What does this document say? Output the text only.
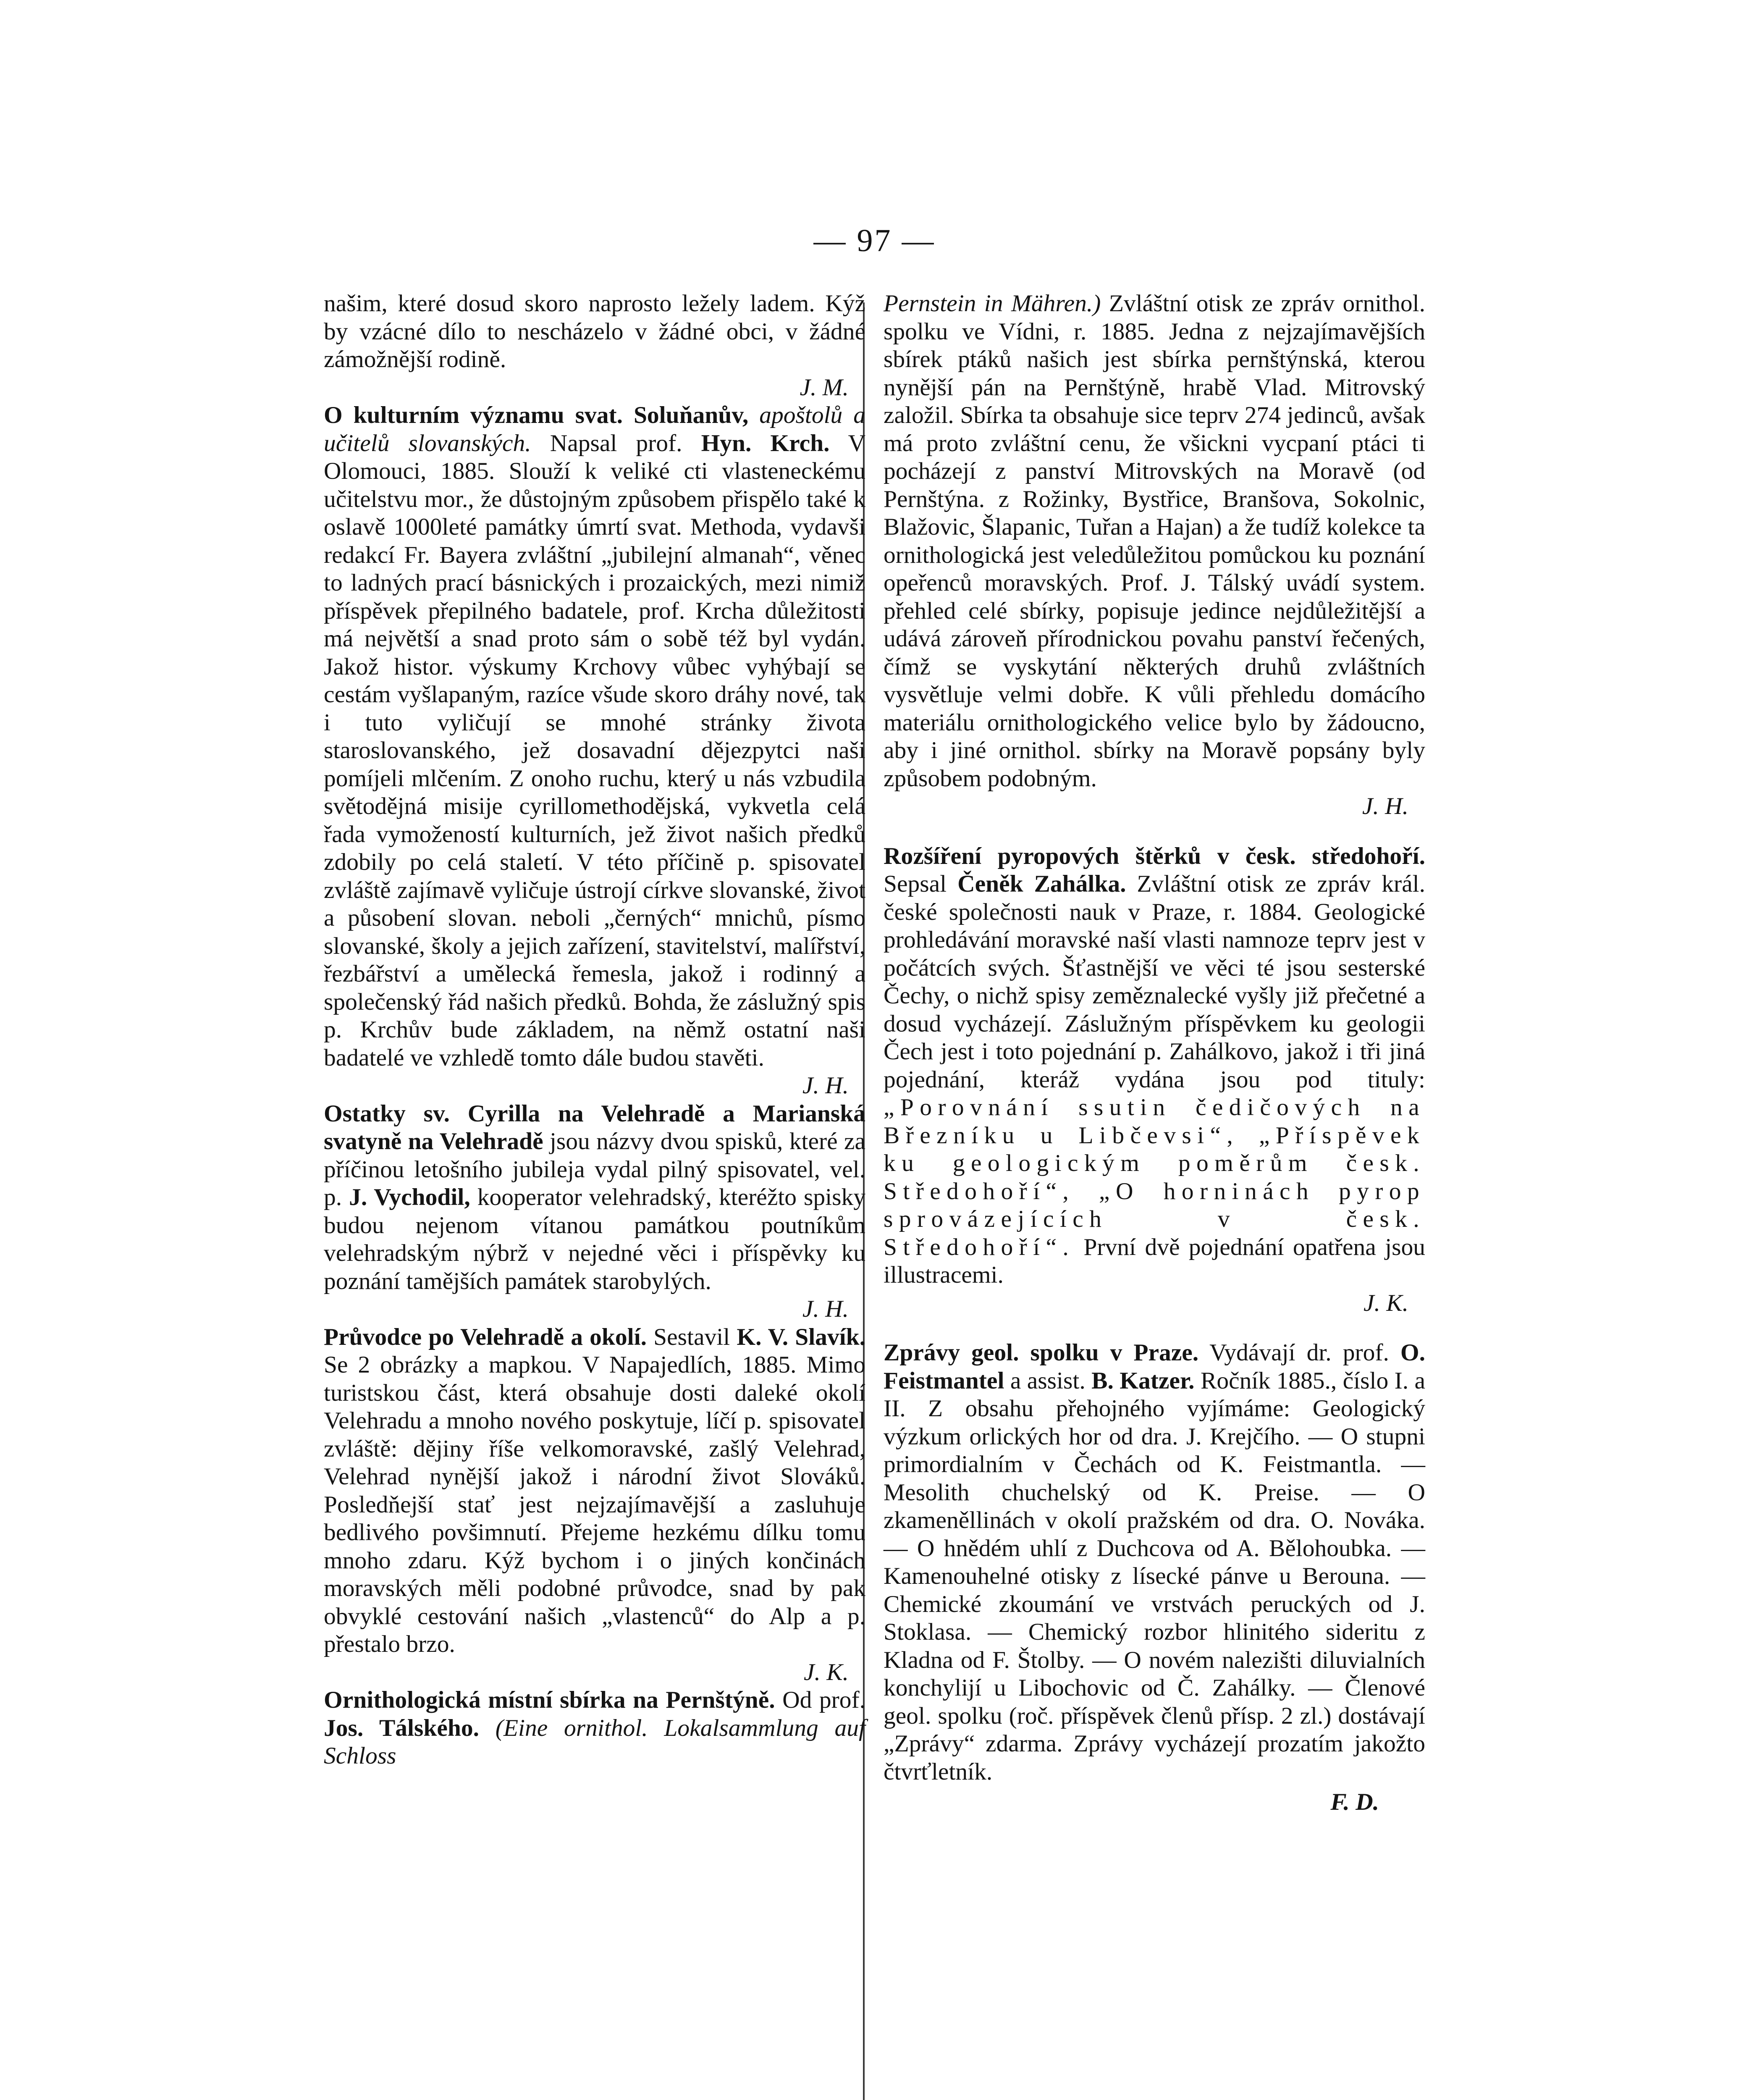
— 97 —

našim, které dosud skoro naprosto ležely ladem. Kýž by vzácné dílo to nescházelo v žádné obci, v žádné zámožnější rodině.
J. M.

O kulturním významu svat. Soluňanův, apoštolů a učitelů slovanských. Napsal prof. Hyn. Krch. V Olomouci, 1885. Slouží k veliké cti vlasteneckému učitelstvu mor., že důstojným způsobem přispělo také k oslavě 1000leté památky úmrtí svat. Methoda, vydavši redakcí Fr. Bayera zvláštní „jubilejní almanah“, věnec to ladných prací básnických i prozaických, mezi nimiž příspěvek přepilného badatele, prof. Krcha důležitosti má největší a snad proto sám o sobě též byl vydán. Jakož histor. výskumy Krchovy vůbec vyhýbají se cestám vyšlapaným, razíce všude skoro dráhy nové, tak i tuto vyličují se mnohé stránky života staroslovanského, jež dosavadní dějezpytci naši pomíjeli mlčením. Z onoho ruchu, který u nás vzbudila světodějná misije cyrillomethodějská, vykvetla celá řada vymožeností kulturních, jež život našich předků zdobily po celá staletí. V této příčině p. spisovatel zvláště zajímavě vyličuje ústrojí církve slovanské, život a působení slovan. neboli „černých“ mnichů, písmo slovanské, školy a jejich zařízení, stavitelství, malířství, řezbářství a umělecká řemesla, jakož i rodinný a společenský řád našich předků. Bohda, že záslužný spis p. Krchův bude základem, na němž ostatní naši badatelé ve vzhledě tomto dále budou stavěti.
J. H.

Ostatky sv. Cyrilla na Velehradě a Marianská svatyně na Velehradě jsou názvy dvou spisků, které za příčinou letošního jubileja vydal pilný spisovatel, vel. p. J. Vychodil, kooperator velehradský, kteréžto spisky budou nejenom vítanou památkou poutníkům velehradským nýbrž v nejedné věci i příspěvky ku poznání tamějších památek starobylých.
J. H.

Průvodce po Velehradě a okolí. Sestavil K. V. Slavík. Se 2 obrázky a mapkou. V Napajedlích, 1885. Mimo turistskou část, která obsahuje dosti daleké okolí Velehradu a mnoho nového poskytuje, líčí p. spisovatel zvláště: dějiny říše velkomoravské, zašlý Velehrad, Velehrad nynější jakož i národní život Slováků. Posledňejší stať jest nejzajímavější a zasluhuje bedlivého povšimnutí. Přejeme hezkému dílku tomu mnoho zdaru. Kýž bychom i o jiných končinách moravských měli podobné průvodce, snad by pak obvyklé cestování našich „vlastenců“ do Alp a p. přestalo brzo.
J. K.

Ornithologická místní sbírka na Pernštýně. Od prof. Jos. Tálského. (Eine ornithol. Lokalsammlung auf Schloss

Pernstein in Mähren.) Zvláštní otisk ze zpráv ornithol. spolku ve Vídni, r. 1885. Jedna z nejzajímavějších sbírek ptáků našich jest sbírka pernštýnská, kterou nynější pán na Pernštýně, hrabě Vlad. Mitrovský založil. Sbírka ta obsahuje sice teprv 274 jedinců, avšak má proto zvláštní cenu, že všickni vycpaní ptáci ti pocházejí z panství Mitrovských na Moravě (od Pernštýna. z Rožinky, Bystřice, Branšova, Sokolnic, Blažovic, Šlapanic, Tuřan a Hajan) a že tudíž kolekce ta ornithologická jest veledůležitou pomůckou ku poznání opeřenců moravských. Prof. J. Tálský uvádí system. přehled celé sbírky, popisuje jedince nejdůležitější a udává zároveň přírodnickou povahu panství řečených, čímž se vyskytání některých druhů zvláštních vysvětluje velmi dobře. K vůli přehledu domácího materiálu ornithologického velice bylo by žádoucno, aby i jiné ornithol. sbírky na Moravě popsány byly způsobem podobným.
J. H.

Rozšíření pyropových štěrků v česk. středohoří. Sepsal Čeněk Zahálka. Zvláštní otisk ze zpráv král. české společnosti nauk v Praze, r. 1884. Geologické prohledávání moravské naší vlasti namnoze teprv jest v počátcích svých. Šťastnější ve věci té jsou sesterské Čechy, o nichž spisy zeměznalecké vyšly již přečetné a dosud vycházejí. Záslužným příspěvkem ku geologii Čech jest i toto pojednání p. Zahálkovo, jakož i tři jiná pojednání, kteráž vydána jsou pod tituly: „Porovnání ssutin čedičových na Březníku u Libčevsi“, „Příspěvek ku geologickým poměrům česk. Středohoří“, „O horninách pyrop sprovázejících v česk. Středohoří“. První dvě pojednání opatřena jsou illustracemi.
J. K.

Zprávy geol. spolku v Praze. Vydávají dr. prof. O. Feistmantel a assist. B. Katzer. Ročník 1885., číslo I. a II. Z obsahu přehojného vyjímáme: Geologický výzkum orlických hor od dra. J. Krejčího. — O stupni primordialním v Čechách od K. Feistmantla. — Mesolith chuchelský od K. Preise. — O zkameněllinách v okolí pražském od dra. O. Nováka. — O hnědém uhlí z Duchcova od A. Bělohoubka. — Kamenouhelné otisky z lísecké pánve u Berouna. — Chemické zkoumání ve vrstvách peruckých od J. Stoklasa. — Chemický rozbor hlinitého sideritu z Kladna od F. Štolby. — O novém nalezišti diluvialních konchylijí u Libochovic od Č. Zahálky. — Členové geol. spolku (roč. příspěvek členů přísp. 2 zl.) dostávají „Zprávy“ zdarma. Zprávy vycházejí prozatím jakožto čtvrťletník.
F. D.
